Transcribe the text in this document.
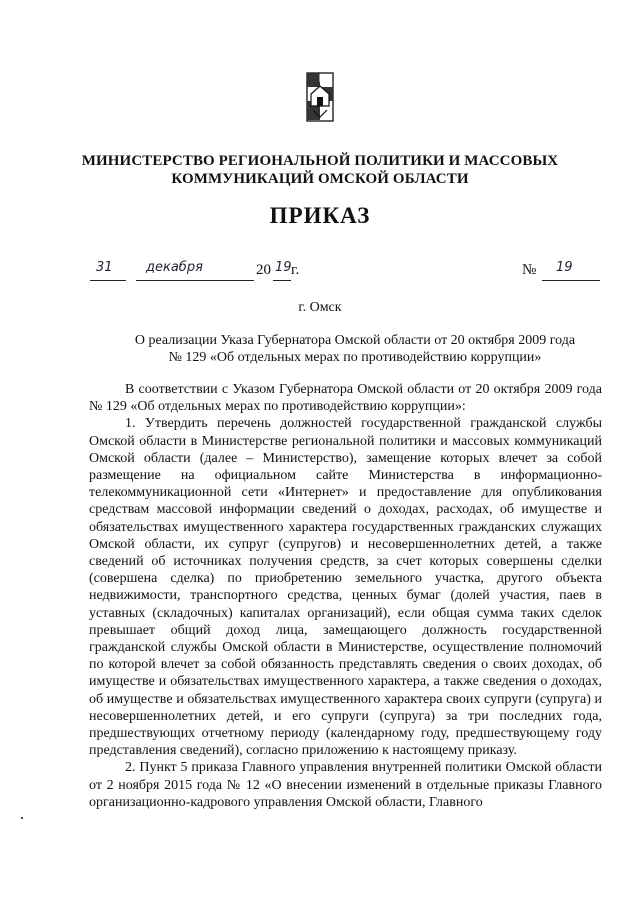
МИНИСТЕРСТВО РЕГИОНАЛЬНОЙ ПОЛИТИКИ И МАССОВЫХ
КОММУНИКАЦИЙ ОМСКОЙ ОБЛАСТИ
ПРИКАЗ
31	декабря	20 19 г.	№ 19
г. Омск
О реализации Указа Губернатора Омской области от 20 октября 2009 года
№ 129 «Об отдельных мерах по противодействию коррупции»

В соответствии с Указом Губернатора Омской области от 20 октября 2009 года № 129 «Об отдельных мерах по противодействию коррупции»:

1. Утвердить перечень должностей государственной гражданской службы Омской области в Министерстве региональной политики и массовых коммуникаций Омской области (далее – Министерство), замещение которых влечет за собой размещение на официальном сайте Министерства в информационно-телекоммуникационной сети «Интернет» и предоставление для опубликования средствам массовой информации сведений о доходах, расходах, об имуществе и обязательствах имущественного характера государственных гражданских служащих Омской области, их супруг (супругов) и несовершеннолетних детей, а также сведений об источниках получения средств, за счет которых совершены сделки (совершена сделка) по приобретению земельного участка, другого объекта недвижимости, транспортного средства, ценных бумаг (долей участия, паев в уставных (складочных) капиталах организаций), если общая сумма таких сделок превышает общий доход лица, замещающего должность государственной гражданской службы Омской области в Министерстве, осуществление полномочий по которой влечет за собой обязанность представлять сведения о своих доходах, об имуществе и обязательствах имущественного характера, а также сведения о доходах, об имуществе и обязательствах имущественного характера своих супруги (супруга) и несовершеннолетних детей, и его супруги (супруга) за три последних года, предшествующих отчетному периоду (календарному году, предшествующему году представления сведений), согласно приложению к настоящему приказу.

2. Пункт 5 приказа Главного управления внутренней политики Омской области от 2 ноября 2015 года № 12 «О внесении изменений в отдельные приказы Главного организационно-кадрового управления Омской области, Главного
